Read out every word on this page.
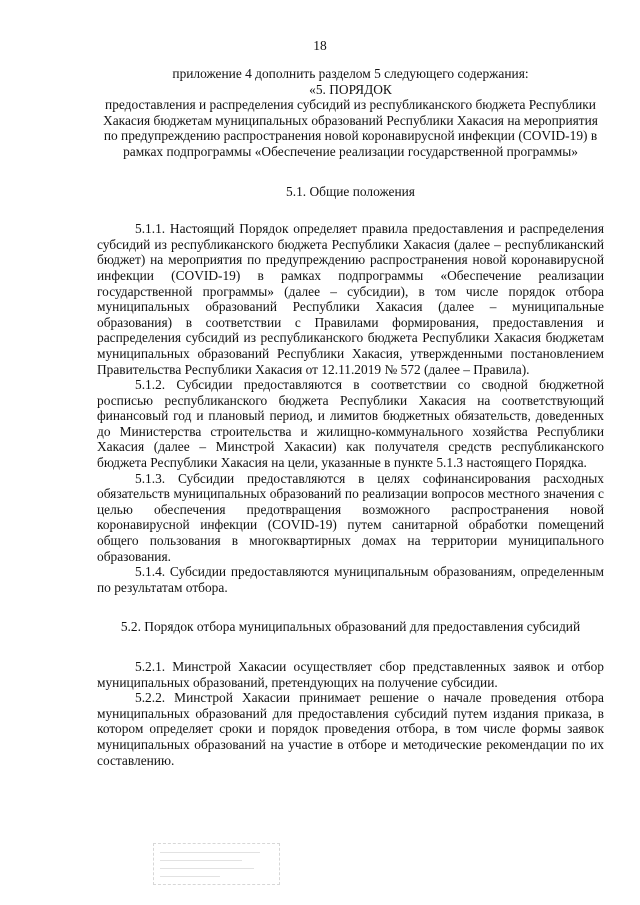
18

приложение 4 дополнить разделом 5 следующего содержания:

«5. ПОРЯДОК

предоставления и распределения субсидий из республиканского бюджета Республики Хакасия бюджетам муниципальных образований Республики Хакасия на мероприятия по предупреждению распространения новой коронавирусной инфекции (COVID-19) в рамках подпрограммы «Обеспечение реализации государственной программы»

5.1. Общие положения

5.1.1. Настоящий Порядок определяет правила предоставления и распределения субсидий из республиканского бюджета Республики Хакасия (далее – республиканский бюджет) на мероприятия по предупреждению распространения новой коронавирусной инфекции (COVID-19) в рамках подпрограммы «Обеспечение реализации государственной программы» (далее – субсидии), в том числе порядок отбора муниципальных образований Республики Хакасия (далее – муниципальные образования) в соответствии с Правилами формирования, предоставления и распределения субсидий из республиканского бюджета Республики Хакасия бюджетам муниципальных образований Республики Хакасия, утвержденными постановлением Правительства Республики Хакасия от 12.11.2019 № 572 (далее – Правила).

5.1.2. Субсидии предоставляются в соответствии со сводной бюджетной росписью республиканского бюджета Республики Хакасия на соответствующий финансовый год и плановый период, и лимитов бюджетных обязательств, доведенных до Министерства строительства и жилищно-коммунального хозяйства Республики Хакасия (далее – Минстрой Хакасии) как получателя средств республиканского бюджета Республики Хакасия на цели, указанные в пункте 5.1.3 настоящего Порядка.

5.1.3. Субсидии предоставляются в целях софинансирования расходных обязательств муниципальных образований по реализации вопросов местного значения с целью обеспечения предотвращения возможного распространения новой коронавирусной инфекции (COVID-19) путем санитарной обработки помещений общего пользования в многоквартирных домах на территории муниципального образования.

5.1.4. Субсидии предоставляются муниципальным образованиям, определенным по результатам отбора.

5.2. Порядок отбора муниципальных образований для предоставления субсидий

5.2.1. Минстрой Хакасии осуществляет сбор представленных заявок и отбор муниципальных образований, претендующих на получение субсидии.

5.2.2. Минстрой Хакасии принимает решение о начале проведения отбора муниципальных образований для предоставления субсидий путем издания приказа, в котором определяет сроки и порядок проведения отбора, в том числе формы заявок муниципальных образований на участие в отборе и методические рекомендации по их составлению.
